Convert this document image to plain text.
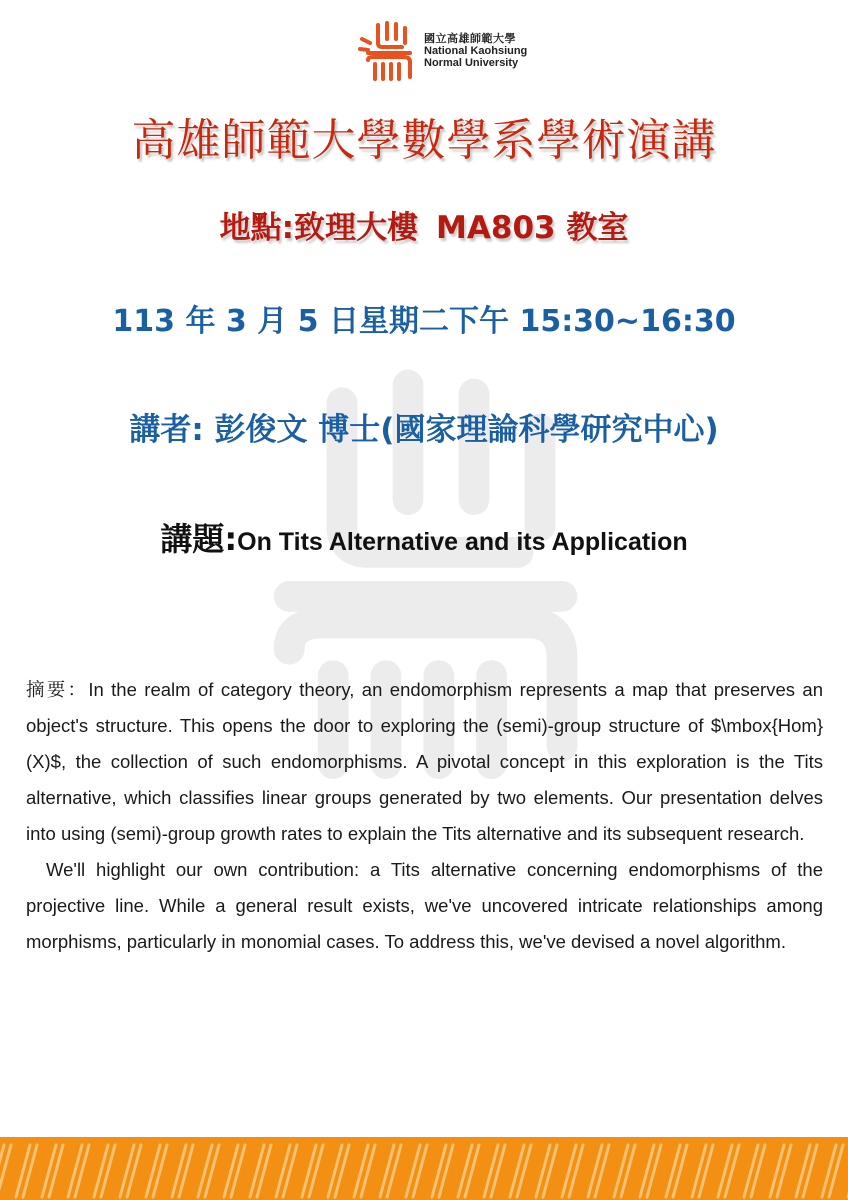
國立高雄師範大學
National Kaohsiung
Normal University
高雄師範大學數學系學術演講
地點:致理大樓 MA803 教室
113 年 3 月 5 日星期二下午 15:30~16:30
講者: 彭俊文 博士(國家理論科學研究中心)
講題:On Tits Alternative and its Application

摘要：In the realm of category theory, an endomorphism represents a map that preserves an object's structure. This opens the door to exploring the (semi)-group structure of $\mbox{Hom}(X)$, the collection of such endomorphisms. A pivotal concept in this exploration is the Tits alternative, which classifies linear groups generated by two elements. Our presentation delves into using (semi)-group growth rates to explain the Tits alternative and its subsequent research.

We'll highlight our own contribution: a Tits alternative concerning endomorphisms of the projective line. While a general result exists, we've uncovered intricate relationships among morphisms, particularly in monomial cases. To address this, we've devised a novel algorithm.
